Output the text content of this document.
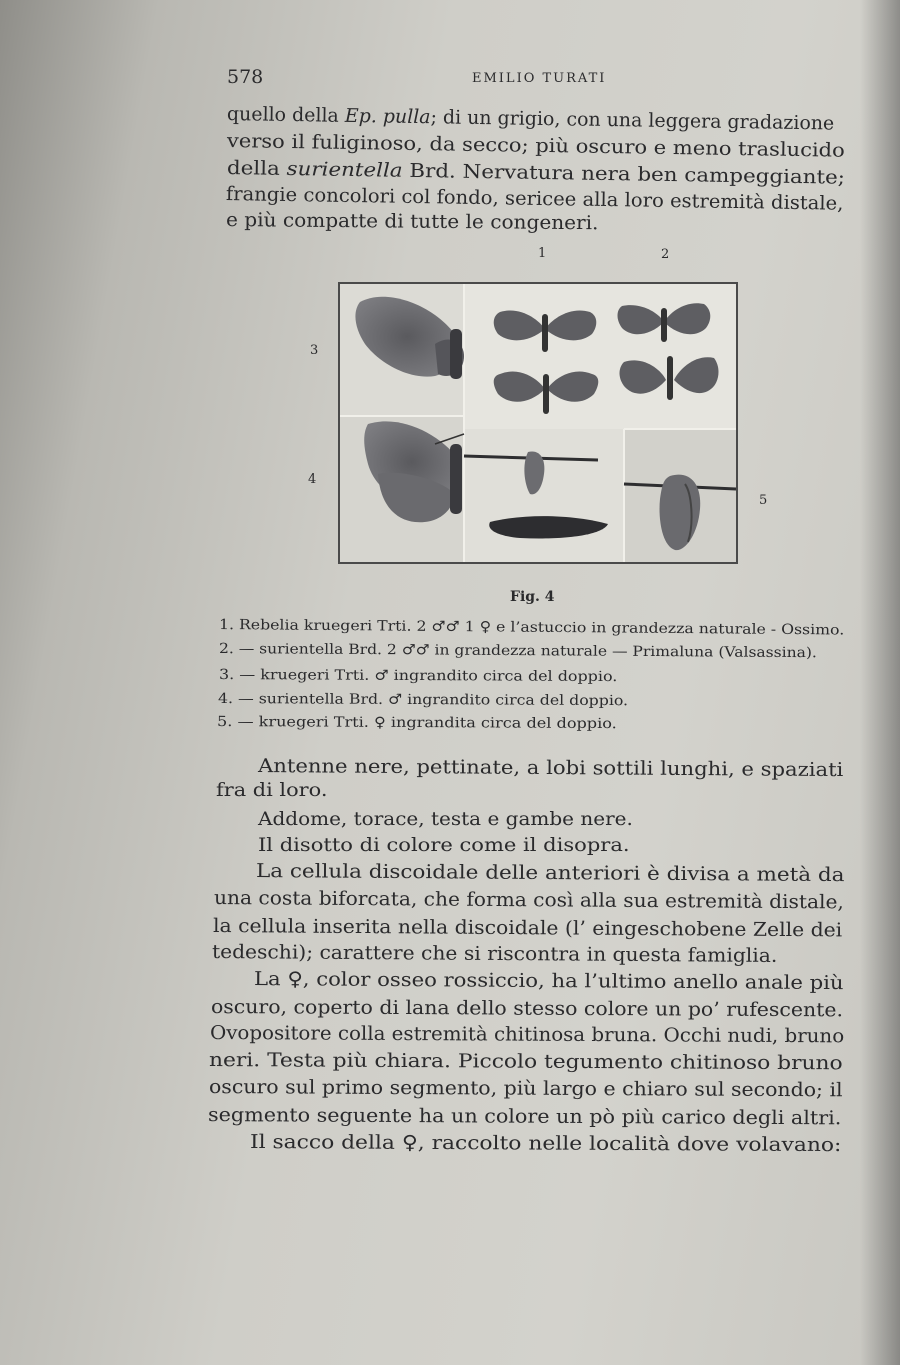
578	EMILIO TURATI
quello della Ep. pulla; di un grigio, con una leggera gradazione
verso il fuliginoso, da secco; più oscuro e meno traslucido
della surientella Brd. Nervatura nera ben campeggiante;
frangie concolori col fondo, sericee alla loro estremità distale,
e più compatte di tutte le congeneri.
1	2
3
4
5
Fig. 4
1. Rebelia kruegeri Trti. 2 ♂♂ 1 ♀ e l’astuccio in grandezza naturale - Ossimo.
2. — surientella Brd. 2 ♂♂ in grandezza naturale — Primaluna (Valsassina).
3. — kruegeri Trti. ♂ ingrandito circa del doppio.
4. — surientella Brd. ♂ ingrandito circa del doppio.
5. — kruegeri Trti. ♀ ingrandita circa del doppio.
Antenne nere, pettinate, a lobi sottili lunghi, e spaziati
fra di loro.
Addome, torace, testa e gambe nere.
Il disotto di colore come il disopra.
La cellula discoidale delle anteriori è divisa a metà da
una costa biforcata, che forma così alla sua estremità distale,
la cellula inserita nella discoidale (l’ eingeschobene Zelle dei
tedeschi); carattere che si riscontra in questa famiglia.
La ♀, color osseo rossiccio, ha l’ultimo anello anale più
oscuro, coperto di lana dello stesso colore un po’ rufescente.
Ovopositore colla estremità chitinosa bruna. Occhi nudi, bruno
neri. Testa più chiara. Piccolo tegumento chitinoso bruno
oscuro sul primo segmento, più largo e chiaro sul secondo; il
segmento seguente ha un colore un pò più carico degli altri.
Il sacco della ♀, raccolto nelle località dove volavano:
